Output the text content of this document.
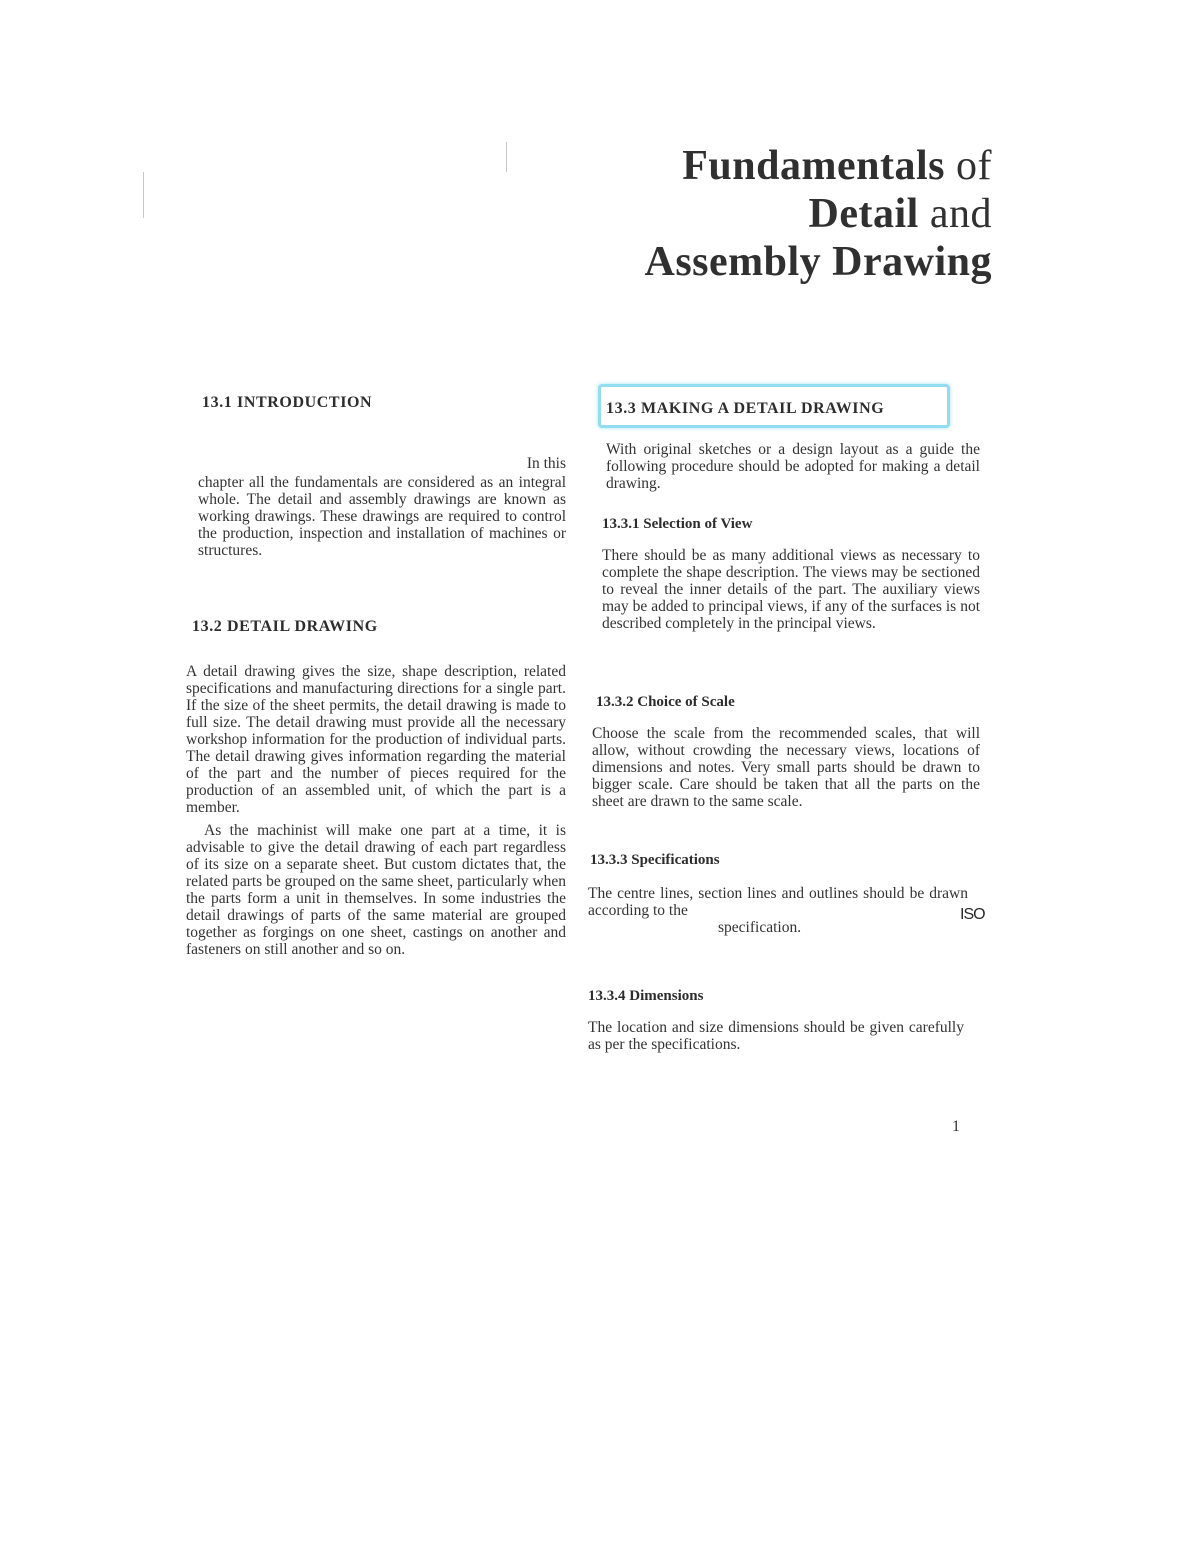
Fundamentals of
Detail and
Assembly Drawing
13.1 INTRODUCTION

In this

chapter all the fundamentals are considered as an integral whole. The detail and assembly drawings are known as working drawings. These drawings are required to control the production, inspection and installation of machines or structures.

13.2 DETAIL DRAWING

A detail drawing gives the size, shape description, related specifications and manufacturing directions for a single part. If the size of the sheet permits, the detail drawing is made to full size. The detail drawing must provide all the necessary workshop information for the production of individual parts. The detail drawing gives information regarding the material of the part and the number of pieces required for the production of an assembled unit, of which the part is a member.

As the machinist will make one part at a time, it is advisable to give the detail drawing of each part regardless of its size on a separate sheet. But custom dictates that, the related parts be grouped on the same sheet, particularly when the parts form a unit in themselves. In some industries the detail drawings of parts of the same material are grouped together as forgings on one sheet, castings on another and fasteners on still another and so on.

13.3 MAKING A DETAIL DRAWING

With original sketches or a design layout as a guide the following procedure should be adopted for making a detail drawing.

13.3.1 Selection of View

There should be as many additional views as necessary to complete the shape description. The views may be sectioned to reveal the inner details of the part. The auxiliary views may be added to principal views, if any of the surfaces is not described completely in the principal views.

13.3.2 Choice of Scale

Choose the scale from the recommended scales, that will allow, without crowding the necessary views, locations of dimensions and notes. Very small parts should be drawn to bigger scale. Care should be taken that all the parts on the sheet are drawn to the same scale.

13.3.3 Specifications

The centre lines, section lines and outlines should be drawn according to the

specification.

ISO
13.3.4 Dimensions

The location and size dimensions should be given carefully as per the specifications.

1
